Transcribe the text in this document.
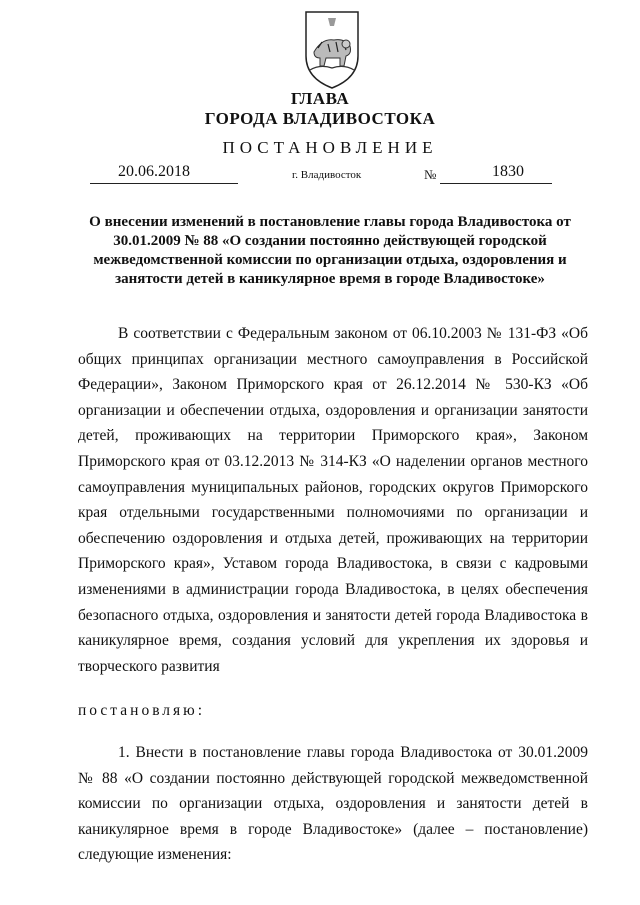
ГЛАВА
ГОРОДА ВЛАДИВОСТОКА
ПОСТАНОВЛЕНИЕ
20.06.2018	г. Владивосток	№	1830
О внесении изменений в постановление главы города Владивостока от 30.01.2009 № 88 «О создании постоянно действующей городской межведомственной комиссии по организации отдыха, оздоровления и занятости детей в каникулярное время в городе Владивостоке»
В соответствии с Федеральным законом от 06.10.2003 № 131-ФЗ «Об общих принципах организации местного самоуправления в Российской Федерации», Законом Приморского края от 26.12.2014 № 530-КЗ «Об организации и обеспечении отдыха, оздоровления и организации занятости детей, проживающих на территории Приморского края», Законом Приморского края от 03.12.2013 № 314-КЗ «О наделении органов местного самоуправления муниципальных районов, городских округов Приморского края отдельными государственными полномочиями по организации и обеспечению оздоровления и отдыха детей, проживающих на территории Приморского края», Уставом города Владивостока, в связи с кадровыми изменениями в администрации города Владивостока, в целях обеспечения безопасного отдыха, оздоровления и занятости детей города Владивостока в каникулярное время, создания условий для укрепления их здоровья и творческого развития
постановляю:
1. Внести в постановление главы города Владивостока от 30.01.2009 № 88 «О создании постоянно действующей городской межведомственной комиссии по организации отдыха, оздоровления и занятости детей в каникулярное время в городе Владивостоке» (далее – постановление) следующие изменения:
